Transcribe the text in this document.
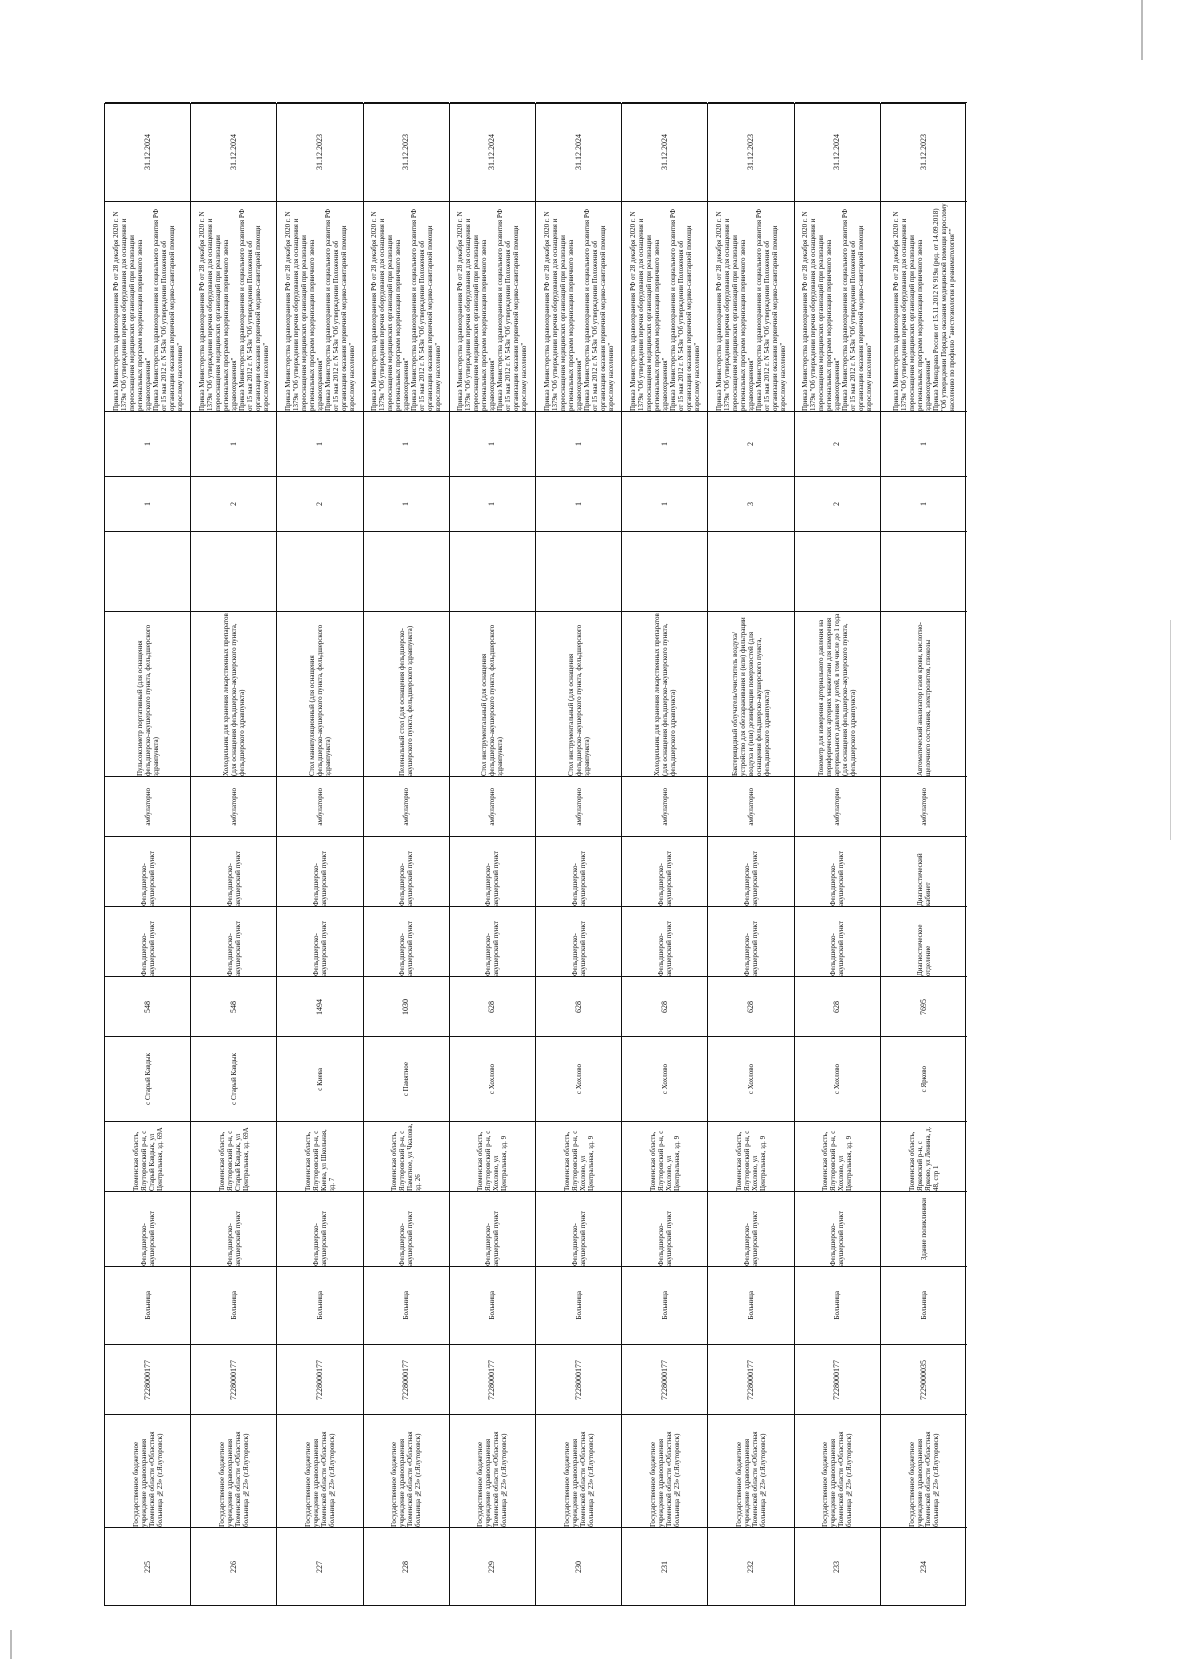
225
Государственное бюджетное учреждение здравоохранения Тюменской области «Областная больница №23» (г.Ялуторовск)
7228000177
Больница
Фельдшерско-акушерский пункт
Тюменская область, Ялуторовский р-н, с Старый Кавдык, ул Центральная, зд. 69А
с Старый Кавдык
548
Фельдшерско-акушерский пункт
Фельдшерско-акушерский пункт
амбулаторно
Пульсоксиметр портативный (для оснащения фельдшерско-акушерского пункта, фельдшерского здравпункта)
1
1
Приказ Министерства здравоохранения РФ от 28 декабря 2020 г. N 1379н "Об утверждении перечня оборудования для оснащения и переоснащения медицинских организаций при реализации региональных программ модернизации первичного звена здравоохранения"
Приказ Министерства здравоохранения и социального развития РФ от 15 мая 2012 г. N 543н "Об утверждении Положения об организации оказания первичной медико-санитарной помощи взрослому населению"
31.12.2024
226
Государственное бюджетное учреждение здравоохранения Тюменской области «Областная больница №23» (г.Ялуторовск)
7228000177
Больница
Фельдшерско-акушерский пункт
Тюменская область, Ялуторовский р-н, с Старый Кавдык, ул Центральная, зд. 69А
с Старый Кавдык
548
Фельдшерско-акушерский пункт
Фельдшерско-акушерский пункт
амбулаторно
Холодильник для хранения лекарственных препаратов (для оснащения фельдшерско-акушерского пункта, фельдшерского здравпункта)
2
1
Приказ Министерства здравоохранения РФ от 28 декабря 2020 г. N 1379н "Об утверждении перечня оборудования для оснащения и переоснащения медицинских организаций при реализации региональных программ модернизации первичного звена здравоохранения"
Приказ Министерства здравоохранения и социального развития РФ от 15 мая 2012 г. N 543н "Об утверждении Положения об организации оказания первичной медико-санитарной помощи взрослому населению"
31.12.2024
227
Государственное бюджетное учреждение здравоохранения Тюменской области «Областная больница №23» (г.Ялуторовск)
7228000177
Больница
Фельдшерско-акушерский пункт
Тюменская область, Ялуторовский р-н, с Киева, ул Школьная, зд. 7
с Киева
1494
Фельдшерско-акушерский пункт
Фельдшерско-акушерский пункт
амбулаторно
Стол манипуляционный (для оснащения фельдшерско-акушерского пункта, фельдшерского здравпункта)
2
1
Приказ Министерства здравоохранения РФ от 28 декабря 2020 г. N 1379н "Об утверждении перечня оборудования для оснащения и переоснащения медицинских организаций при реализации региональных программ модернизации первичного звена здравоохранения"
Приказ Министерства здравоохранения и социального развития РФ от 15 мая 2012 г. N 543н "Об утверждении Положения об организации оказания первичной медико-санитарной помощи взрослому населению"
31.12.2023
228
Государственное бюджетное учреждение здравоохранения Тюменской области «Областная больница №23» (г.Ялуторовск)
7228000177
Больница
Фельдшерско-акушерский пункт
Тюменская область, Ялуторовский р-н, с Памятное, ул Чкалова, зд. 26
с Памятное
1030
Фельдшерско-акушерский пункт
Фельдшерско-акушерский пункт
амбулаторно
Пеленальный стол (для оснащения фельдшерско-акушерского пункта, фельдшерского здравпункта)
1
1
Приказ Министерства здравоохранения РФ от 28 декабря 2020 г. N 1379н "Об утверждении перечня оборудования для оснащения и переоснащения медицинских организаций при реализации региональных программ модернизации первичного звена здравоохранения"
Приказ Министерства здравоохранения и социального развития РФ от 15 мая 2012 г. N 543н "Об утверждении Положения об организации оказания первичной медико-санитарной помощи взрослому населению"
31.12.2023
229
Государственное бюджетное учреждение здравоохранения Тюменской области «Областная больница №23» (г.Ялуторовск)
7228000177
Больница
Фельдшерско-акушерский пункт
Тюменская область, Ялуторовский р-н, с Хохлово, ул Центральная, зд. 9
с Хохлово
628
Фельдшерско-акушерский пункт
Фельдшерско-акушерский пункт
амбулаторно
Стол инструментальный (для оснащения фельдшерско-акушерского пункта, фельдшерского здравпункта)
1
1
Приказ Министерства здравоохранения РФ от 28 декабря 2020 г. N 1379н "Об утверждении перечня оборудования для оснащения и переоснащения медицинских организаций при реализации региональных программ модернизации первичного звена здравоохранения"
Приказ Министерства здравоохранения и социального развития РФ от 15 мая 2012 г. N 543н "Об утверждении Положения об организации оказания первичной медико-санитарной помощи взрослому населению"
31.12.2024
230
Государственное бюджетное учреждение здравоохранения Тюменской области «Областная больница №23» (г.Ялуторовск)
7228000177
Больница
Фельдшерско-акушерский пункт
Тюменская область, Ялуторовский р-н, с Хохлово, ул Центральная, зд. 9
с Хохлово
628
Фельдшерско-акушерский пункт
Фельдшерско-акушерский пункт
амбулаторно
Стол инструментальный (для оснащения фельдшерско-акушерского пункта, фельдшерского здравпункта)
1
1
Приказ Министерства здравоохранения РФ от 28 декабря 2020 г. N 1379н "Об утверждении перечня оборудования для оснащения и переоснащения медицинских организаций при реализации региональных программ модернизации первичного звена здравоохранения"
Приказ Министерства здравоохранения и социального развития РФ от 15 мая 2012 г. N 543н "Об утверждении Положения об организации оказания первичной медико-санитарной помощи взрослому населению"
31.12.2024
231
Государственное бюджетное учреждение здравоохранения Тюменской области «Областная больница №23» (г.Ялуторовск)
7228000177
Больница
Фельдшерско-акушерский пункт
Тюменская область, Ялуторовский р-н, с Хохлово, ул Центральная, зд. 9
с Хохлово
628
Фельдшерско-акушерский пункт
Фельдшерско-акушерский пункт
амбулаторно
Холодильник для хранения лекарственных препаратов (для оснащения фельдшерско-акушерского пункта, фельдшерского здравпункта)
1
1
Приказ Министерства здравоохранения РФ от 28 декабря 2020 г. N 1379н "Об утверждении перечня оборудования для оснащения и переоснащения медицинских организаций при реализации региональных программ модернизации первичного звена здравоохранения"
Приказ Министерства здравоохранения и социального развития РФ от 15 мая 2012 г. N 543н "Об утверждении Положения об организации оказания первичной медико-санитарной помощи взрослому населению"
31.12.2024
232
Государственное бюджетное учреждение здравоохранения Тюменской области «Областная больница №23» (г.Ялуторовск)
7228000177
Больница
Фельдшерско-акушерский пункт
Тюменская область, Ялуторовский р-н, с Хохлово, ул Центральная, зд. 9
с Хохлово
628
Фельдшерско-акушерский пункт
Фельдшерско-акушерский пункт
амбулаторно
Бактерицидный облучатель/очиститель воздуха/устройство для обеззараживания и (или) фильтрации воздуха и (или) дезинфекции поверхностей (для оснащения фельдшерско-акушерского пункта, фельдшерского здравпункта)
3
2
Приказ Министерства здравоохранения РФ от 28 декабря 2020 г. N 1379н "Об утверждении перечня оборудования для оснащения и переоснащения медицинских организаций при реализации региональных программ модернизации первичного звена здравоохранения"
Приказ Министерства здравоохранения и социального развития РФ от 15 мая 2012 г. N 543н "Об утверждении Положения об организации оказания первичной медико-санитарной помощи взрослому населению"
31.12.2023
233
Государственное бюджетное учреждение здравоохранения Тюменской области «Областная больница №23» (г.Ялуторовск)
7228000177
Больница
Фельдшерско-акушерский пункт
Тюменская область, Ялуторовский р-н, с Хохлово, ул Центральная, зд. 9
с Хохлово
628
Фельдшерско-акушерский пункт
Фельдшерско-акушерский пункт
амбулаторно
Тонометр для измерения артериального давления на периферических артериях манжетами для измерения артериального давления у детей, в том числе до 1 года (для оснащения фельдшерско-акушерского пункта, фельдшерского здравпункта)
2
2
Приказ Министерства здравоохранения РФ от 28 декабря 2020 г. N 1379н "Об утверждении перечня оборудования для оснащения и переоснащения медицинских организаций при реализации региональных программ модернизации первичного звена здравоохранения"
Приказ Министерства здравоохранения и социального развития РФ от 15 мая 2012 г. N 543н "Об утверждении Положения об организации оказания первичной медико-санитарной помощи взрослому населению"
31.12.2024
234
Государственное бюджетное учреждение здравоохранения Тюменской области «Областная больница №23» (г.Ялуторовск)
7229000035
Больница
Здание поликлиники
Тюменская область, Ярковский р-н, с Ярково, ул Ленина, д. 48, стр 1
с Ярково
7695
Диагностическое отделение
Диагностический кабинет
амбулаторно
Автоматический анализатор газов крови, кислотно-щелочного состояния, электролитов, глюкозы
1
1
Приказ Министерства здравоохранения РФ от 28 декабря 2020 г. N 1379н "Об утверждении перечня оборудования для оснащения и переоснащения медицинских организаций при реализации региональных программ модернизации первичного звена здравоохранения"
Приказ Минздрава России от 15.11.2012 N 919н (ред. от 14.09.2018) "Об утверждении Порядка оказания медицинской помощи взрослому населению по профилю "анестезиология и реаниматология""
31.12.2023
